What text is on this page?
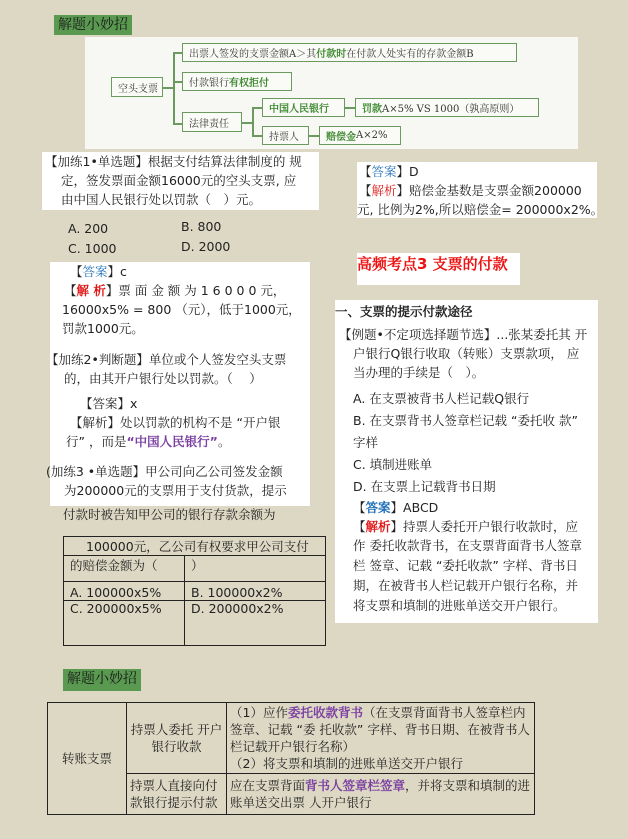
解题小妙招
空头支票
出票人签发的支票金额A＞其 付款时 在付款人处实有的存款金额B
付款银行 有权拒付
法律责任
中国人民银行	罚款 A×5% VS 1000（孰高原则）
持票人	赔偿金 A×2%
【加练1•单选题】根据支付结算法律制度的 规
定，签发票面金额16000元的空头支票, 应
由中国人民银行处以罚款（　）元。
A. 200	B. 800
C. 1000	D. 2000
【答案】c
【解 析】票 面 金 额 为 1 6 0 0 0 元，
16000x5% = 800 （元），低于1000元，
罚款1000元。
【加练2•判断题】单位或个人签发空头支票
的，由其开户银行处以罚款。（　 ）
【答案】x
【解析】处以罚款的机构不是 “开户银
行” ，而是“中国人民银行”。
(加练3 •单选题】甲公司向乙公司签发金额
为200000元的支票用于支付货款，提示
付款时被告知甲公司的银行存款余额为
100000元，乙公司有权要求甲公司支付	
的赔偿金额为（	）
A. 100000x5%	B. 100000x2%
C. 200000x5%	D. 200000x2%
【答案】D
【解析】赔偿金基数是支票金额200000
元, 比例为2%,所以赔偿金= 200000x2%。
高频考点3 支票的付款
一、支票的提示付款途径
【例题•不定项选择题节选】...张某委托其 开
户银行Q银行收取（转账）支票款项， 应
当办理的手续是（　）。
A. 在支票被背书人栏记载Q银行
B. 在支票背书人签章栏记载 “委托收 款”
字样
C. 填制进账单
D. 在支票上记载背书日期
【答案】ABCD
【解析】持票人委托开户银行收款时，应
作 委托收款背书，在支票背面背书人签章
栏 签章、记载 “委托收款” 字样、背书日
期，在被背书人栏记载开户银行名称，并
将支票和填制的进账单送交开户银行。
解题小妙招
转账支票	持票人委托 开户银行收款	（1）应作委托收款背书（在支票背面背书人签章栏内签章、记载 “委 托收款” 字样、背书日期、在被背书人栏记载开户银行名称）
（2）将支票和填制的进账单送交开户银行

	持票人直接向付款银行提示付款	应在支票背面背书人签章栏签章，并将支票和填制的进账单送交出票 人开户银行
